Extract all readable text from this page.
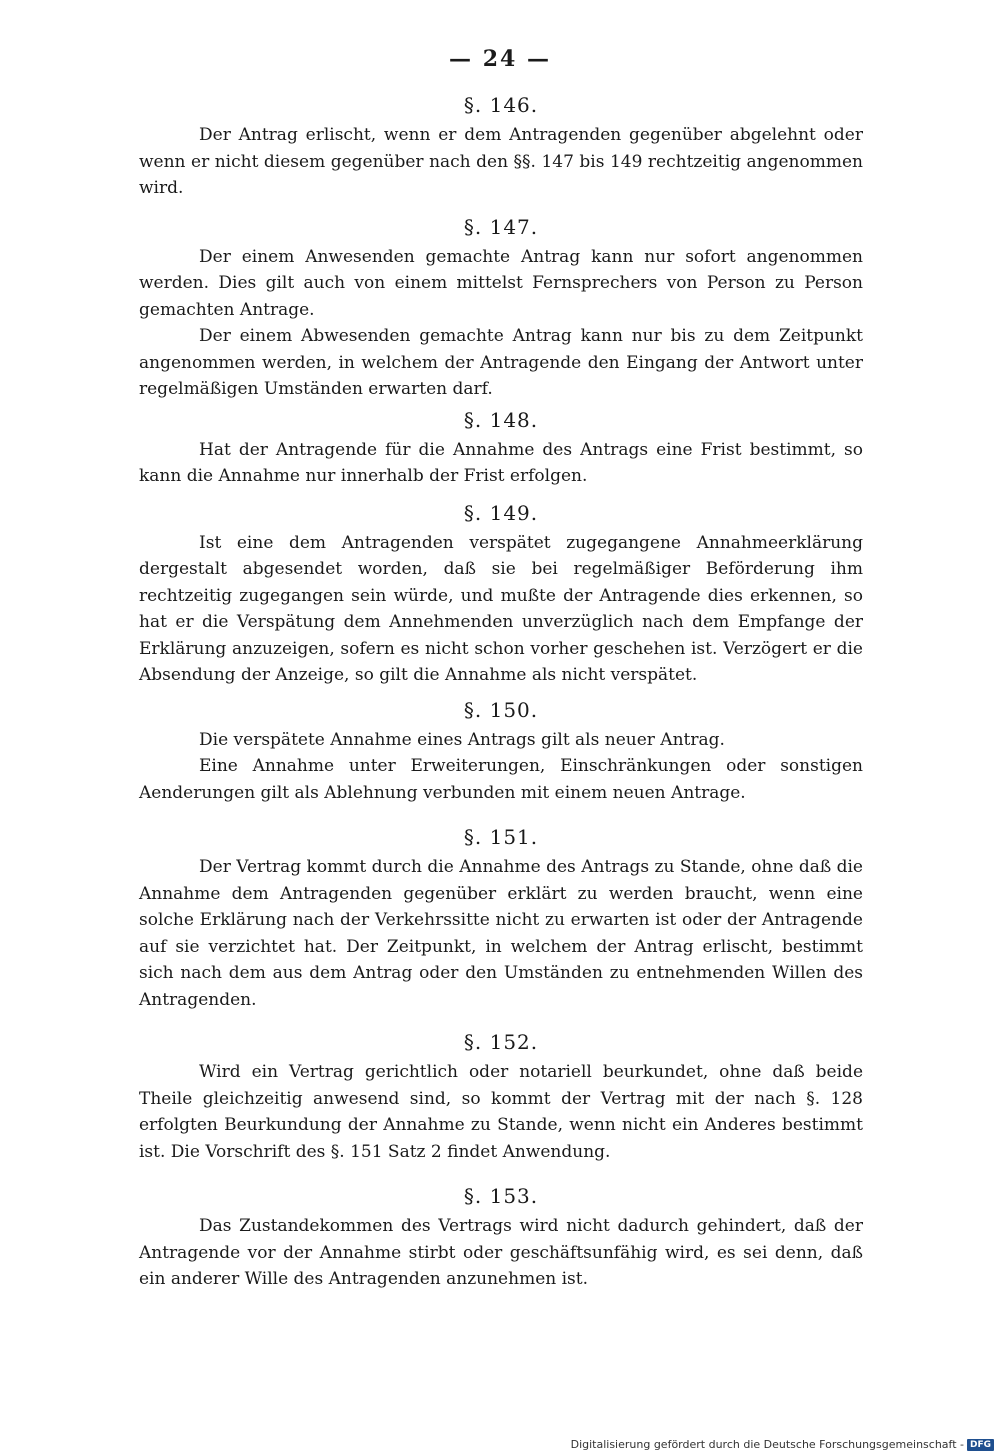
— 24 —
§. 146.

Der Antrag erlischt, wenn er dem Antragenden gegenüber abgelehnt oder wenn er nicht diesem gegenüber nach den §§. 147 bis 149 rechtzeitig angenommen wird.

§. 147.

Der einem Anwesenden gemachte Antrag kann nur sofort angenommen werden. Dies gilt auch von einem mittelst Fernsprechers von Person zu Person gemachten Antrage.

Der einem Abwesenden gemachte Antrag kann nur bis zu dem Zeitpunkt angenommen werden, in welchem der Antragende den Eingang der Antwort unter regelmäßigen Umständen erwarten darf.

§. 148.

Hat der Antragende für die Annahme des Antrags eine Frist bestimmt, so kann die Annahme nur innerhalb der Frist erfolgen.

§. 149.

Ist eine dem Antragenden verspätet zugegangene Annahmeerklärung dergestalt abgesendet worden, daß sie bei regelmäßiger Beförderung ihm rechtzeitig zugegangen sein würde, und mußte der Antragende dies erkennen, so hat er die Verspätung dem Annehmenden unverzüglich nach dem Empfange der Erklärung anzuzeigen, sofern es nicht schon vorher geschehen ist. Verzögert er die Absendung der Anzeige, so gilt die Annahme als nicht verspätet.

§. 150.

Die verspätete Annahme eines Antrags gilt als neuer Antrag.

Eine Annahme unter Erweiterungen, Einschränkungen oder sonstigen Aenderungen gilt als Ablehnung verbunden mit einem neuen Antrage.

§. 151.

Der Vertrag kommt durch die Annahme des Antrags zu Stande, ohne daß die Annahme dem Antragenden gegenüber erklärt zu werden braucht, wenn eine solche Erklärung nach der Verkehrssitte nicht zu erwarten ist oder der Antragende auf sie verzichtet hat. Der Zeitpunkt, in welchem der Antrag erlischt, bestimmt sich nach dem aus dem Antrag oder den Umständen zu entnehmenden Willen des Antragenden.

§. 152.

Wird ein Vertrag gerichtlich oder notariell beurkundet, ohne daß beide Theile gleichzeitig anwesend sind, so kommt der Vertrag mit der nach §. 128 erfolgten Beurkundung der Annahme zu Stande, wenn nicht ein Anderes bestimmt ist. Die Vorschrift des §. 151 Satz 2 findet Anwendung.

§. 153.

Das Zustandekommen des Vertrags wird nicht dadurch gehindert, daß der Antragende vor der Annahme stirbt oder geschäftsunfähig wird, es sei denn, daß ein anderer Wille des Antragenden anzunehmen ist.

Digitalisierung gefördert durch die Deutsche Forschungsgemeinschaft - DFG
